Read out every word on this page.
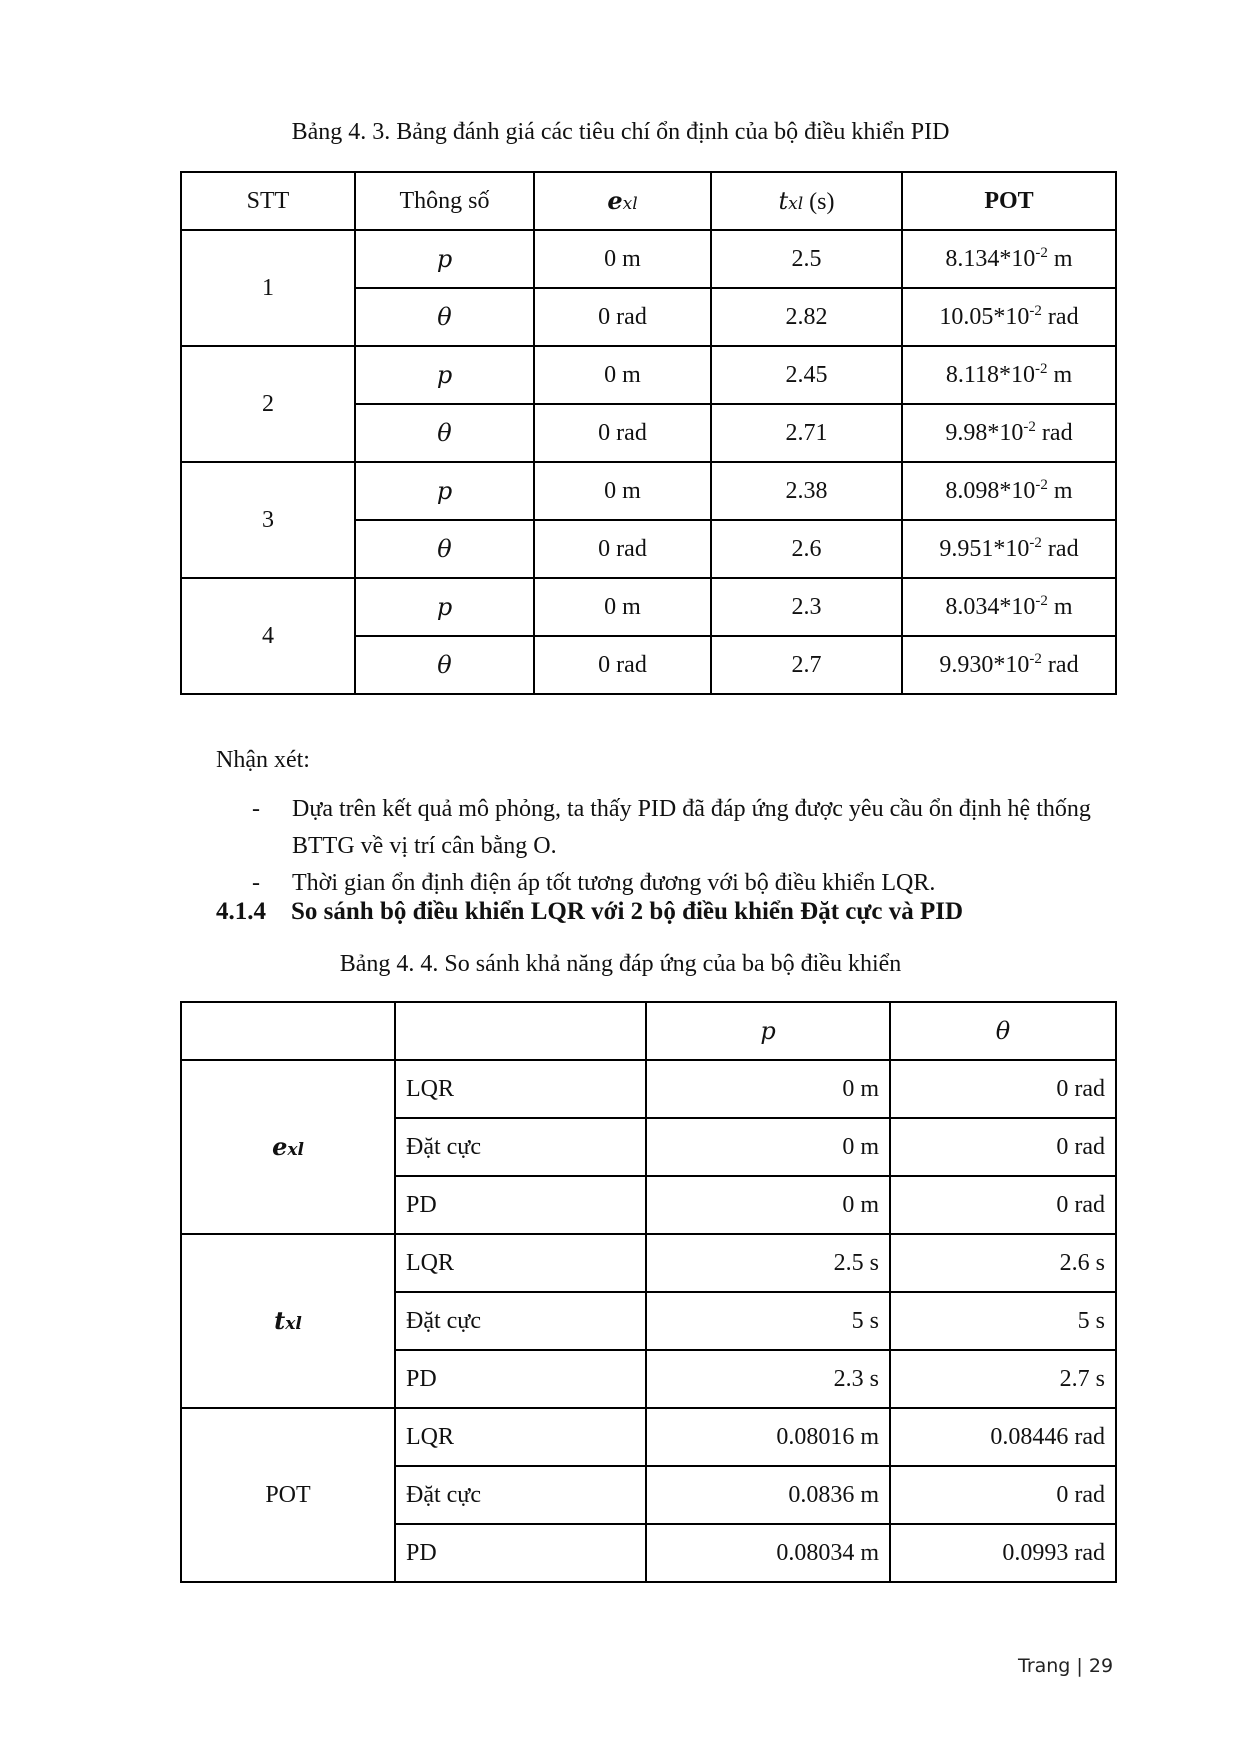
Bảng 4. 3. Bảng đánh giá các tiêu chí ổn định của bộ điều khiển PID
STT	Thông số	exl	txl (s)	POT
1	p	0 m	2.5	$8.134*10^{-2}$ m
	θ	0 rad	2.82	$10.05*10^{-2}$ rad
2	p	0 m	2.45	$8.118*10^{-2}$ m
	θ	0 rad	2.71	$9.98*10^{-2}$ rad
3	p	0 m	2.38	$8.098*10^{-2}$ m
	θ	0 rad	2.6	$9.951*10^{-2}$ rad
4	p	0 m	2.3	$8.034*10^{-2}$ m
	θ	0 rad	2.7	$9.930*10^{-2}$ rad
Nhận xét:
- Dựa trên kết quả mô phỏng, ta thấy PID đã đáp ứng được yêu cầu ổn định hệ thống BTTG về vị trí cân bằng O.
- Thời gian ổn định điện áp tốt tương đương với bộ điều khiển LQR.
4.1.4 So sánh bộ điều khiển LQR với 2 bộ điều khiển Đặt cực và PID
Bảng 4. 4. So sánh khả năng đáp ứng của ba bộ điều khiển
		p	θ
exl	LQR	0 m	0 rad
	Đặt cực	0 m	0 rad
	PD	0 m	0 rad
txl	LQR	2.5 s	2.6 s
	Đặt cực	5 s	5 s
	PD	2.3 s	2.7 s
POT	LQR	0.08016 m	0.08446 rad
	Đặt cực	0.0836 m	0 rad
	PD	0.08034 m	0.0993 rad
Trang | 29
